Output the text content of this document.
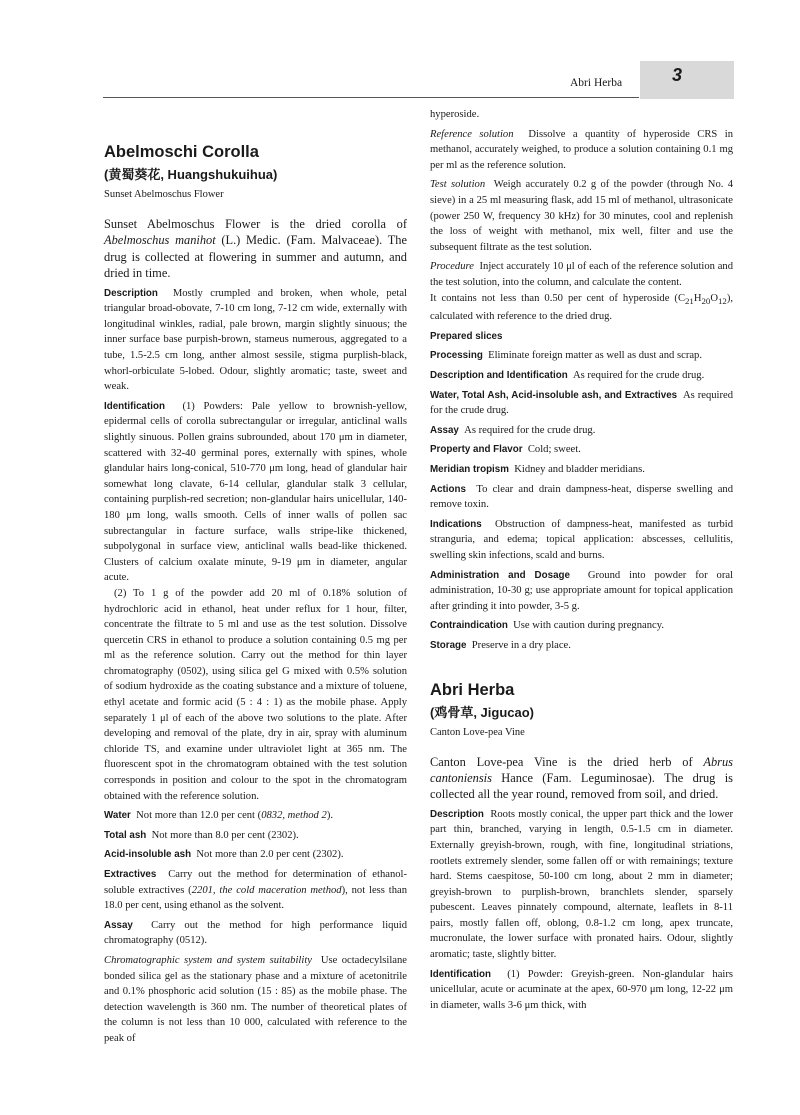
Abri Herba	3

Abelmoschi Corolla

(黄蜀葵花, Huangshukuihua)

Sunset Abelmoschus Flower

Sunset Abelmoschus Flower is the dried corolla of Abelmoschus manihot (L.) Medic. (Fam. Malvaceae). The drug is collected at flowering in summer and autumn, and dried in time.

Description Mostly crumpled and broken, when whole, petal triangular broad-obovate, 7-10 cm long, 7-12 cm wide, externally with longitudinal winkles, radial, pale brown, margin slightly sinuous; the inner surface base purpish-brown, stameus numerous, aggregated to a tube, 1.5-2.5 cm long, anther almost sessile, stigma purplish-black, whorl-orbiculate 5-lobed. Odour, slightly aromatic; taste, sweet and weak.

Identification (1) Powders: Pale yellow to brownish-yellow, epidermal cells of corolla subrectangular or irregular, anticlinal walls slightly sinuous. Pollen grains subrounded, about 170 μm in diameter, scattered with 32-40 germinal pores, externally with spines, whole glandular hairs long-conical, 510-770 μm long, head of glandular hair somewhat long clavate, 6-14 cellular, glandular stalk 3 cellular, containing purplish-red secretion; non-glandular hairs unicellular, 140-180 μm long, walls smooth. Cells of inner walls of pollen sac subrectangular in facture surface, walls stripe-like thickened, subpolygonal in surface view, anticlinal walls bead-like thickened. Clusters of calcium oxalate minute, 9-19 μm in diameter, angular acute.

(2) To 1 g of the powder add 20 ml of 0.18% solution of hydrochloric acid in ethanol, heat under reflux for 1 hour, filter, concentrate the filtrate to 5 ml and use as the test solution. Dissolve quercetin CRS in ethanol to produce a solution containing 0.5 mg per ml as the reference solution. Carry out the method for thin layer chromatography (0502), using silica gel G mixed with 0.5% solution of sodium hydroxide as the coating substance and a mixture of toluene, ethyl acetate and formic acid (5 : 4 : 1) as the mobile phase. Apply separately 1 μl of each of the above two solutions to the plate. After developing and removal of the plate, dry in air, spray with aluminum chloride TS, and examine under ultraviolet light at 365 nm. The fluorescent spot in the chromatogram obtained with the test solution corresponds in position and colour to the spot in the chromatogram obtained with the reference solution.

Water Not more than 12.0 per cent (0832, method 2).

Total ash Not more than 8.0 per cent (2302).

Acid-insoluble ash Not more than 2.0 per cent (2302).

Extractives Carry out the method for determination of ethanol-soluble extractives (2201, the cold maceration method), not less than 18.0 per cent, using ethanol as the solvent.

Assay Carry out the method for high performance liquid chromatography (0512).

Chromatographic system and system suitability Use octadecylsilane bonded silica gel as the stationary phase and a mixture of acetonitrile and 0.1% phosphoric acid solution (15 : 85) as the mobile phase. The detection wavelength is 360 nm. The number of theoretical plates of the column is not less than 10 000, calculated with reference to the peak of

hyperoside.

Reference solution Dissolve a quantity of hyperoside CRS in methanol, accurately weighed, to produce a solution containing 0.1 mg per ml as the reference solution.

Test solution Weigh accurately 0.2 g of the powder (through No. 4 sieve) in a 25 ml measuring flask, add 15 ml of methanol, ultrasonicate (power 250 W, frequency 30 kHz) for 30 minutes, cool and replenish the loss of weight with methanol, mix well, filter and use the subsequent filtrate as the test solution.

Procedure Inject accurately 10 μl of each of the reference solution and the test solution, into the column, and calculate the content.

It contains not less than 0.50 per cent of hyperoside $(C_{21}H_{20}O_{12})$, calculated with reference to the dried drug.

Prepared slices

Processing Eliminate foreign matter as well as dust and scrap.

Description and Identification As required for the crude drug.

Water, Total Ash, Acid-insoluble ash, and Extractives As required for the crude drug.

Assay As required for the crude drug.

Property and Flavor Cold; sweet.

Meridian tropism Kidney and bladder meridians.

Actions To clear and drain dampness-heat, disperse swelling and remove toxin.

Indications Obstruction of dampness-heat, manifested as turbid stranguria, and edema; topical application: abscesses, cellulitis, swelling skin infections, scald and burns.

Administration and Dosage Ground into powder for oral administration, 10-30 g; use appropriate amount for topical application after grinding it into powder, 3-5 g.

Contraindication Use with caution during pregnancy.

Storage Preserve in a dry place.

Abri Herba

(鸡骨草, Jigucao)

Canton Love-pea Vine

Canton Love-pea Vine is the dried herb of Abrus cantoniensis Hance (Fam. Leguminosae). The drug is collected all the year round, removed from soil, and dried.

Description Roots mostly conical, the upper part thick and the lower part thin, branched, varying in length, 0.5-1.5 cm in diameter. Externally greyish-brown, rough, with fine, longitudinal striations, rootlets extremely slender, some fallen off or with remainings; texture hard. Stems caespitose, 50-100 cm long, about 2 mm in diameter; greyish-brown to purplish-brown, branchlets slender, sparsely pubescent. Leaves pinnately compound, alternate, leaflets in 8-11 pairs, mostly fallen off, oblong, 0.8-1.2 cm long, apex truncate, mucronulate, the lower surface with pronated hairs. Odour, slightly aromatic; taste, slightly bitter.

Identification (1) Powder: Greyish-green. Non-glandular hairs unicellular, acute or acuminate at the apex, 60-970 μm long, 12-22 μm in diameter, walls 3-6 μm thick, with
